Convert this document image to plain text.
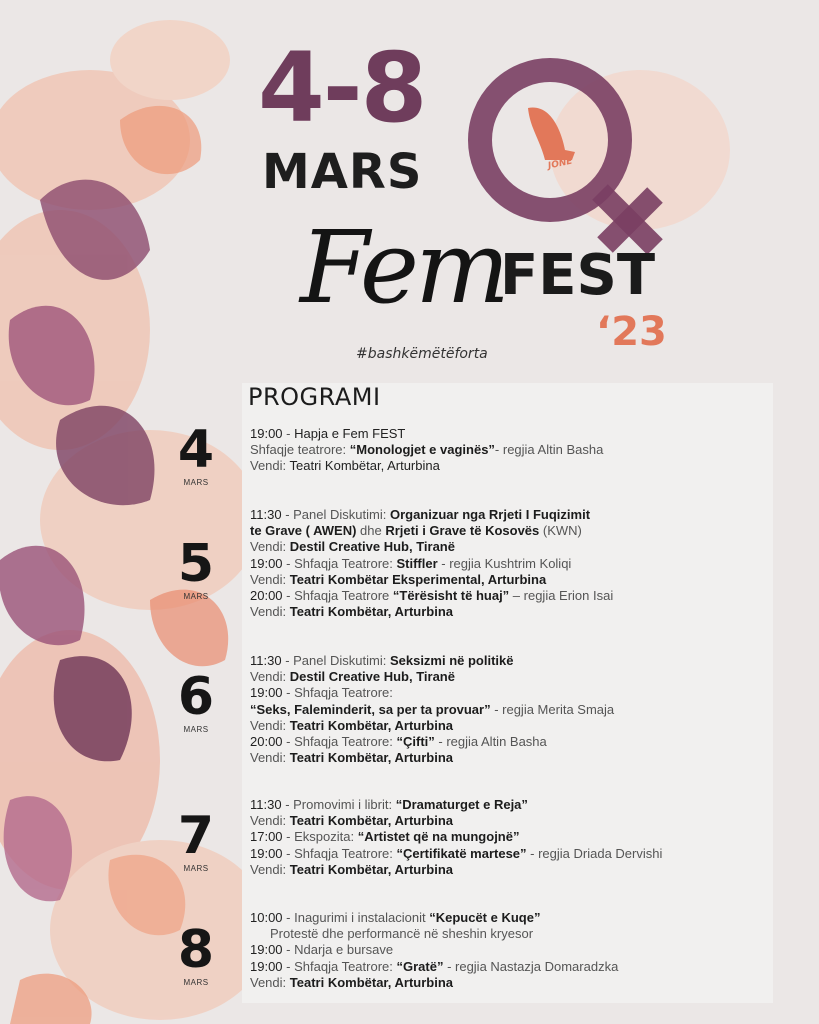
4-8
MARS
Fem
FEST
‘23
#bashkëmëtëforta
JONË
PROGRAMI
4
MARS
19:00 - Hapja e Fem FEST
Shfaqje teatrore: “Monologjet e vaginës”- regjia Altin Basha
Vendi: Teatri Kombëtar, Arturbina
5
MARS
11:30 - Panel Diskutimi: Organizuar nga Rrjeti I Fuqizimit
te Grave ( AWEN) dhe Rrjeti i Grave të Kosovës (KWN)
Vendi: Destil Creative Hub, Tiranë
19:00 - Shfaqja Teatrore: Stiffler - regjia Kushtrim Koliqi
Vendi: Teatri Kombëtar Eksperimental, Arturbina
20:00 - Shfaqja Teatrore “Tërësisht të huaj” – regjia Erion Isai
Vendi: Teatri Kombëtar, Arturbina
6
MARS
11:30 - Panel Diskutimi: Seksizmi në politikë
Vendi: Destil Creative Hub, Tiranë
19:00 - Shfaqja Teatrore:
“Seks, Faleminderit, sa per ta provuar” - regjia Merita Smaja
Vendi: Teatri Kombëtar, Arturbina
20:00 - Shfaqja Teatrore: “Çifti” - regjia Altin Basha
Vendi: Teatri Kombëtar, Arturbina
7
MARS
11:30 - Promovimi i librit: “Dramaturget e Reja”
Vendi: Teatri Kombëtar, Arturbina
17:00 - Ekspozita: “Artistet që na mungojnë”
19:00 - Shfaqja Teatrore: “Çertifikatë martese” - regjia Driada Dervishi
Vendi: Teatri Kombëtar, Arturbina
8
MARS
10:00 - Inagurimi i instalacionit “Kepucët e Kuqe”
Protestë dhe performancë në sheshin kryesor
19:00 - Ndarja e bursave
19:00 - Shfaqja Teatrore: “Gratë” - regjia Nastazja Domaradzka
Vendi: Teatri Kombëtar, Arturbina
